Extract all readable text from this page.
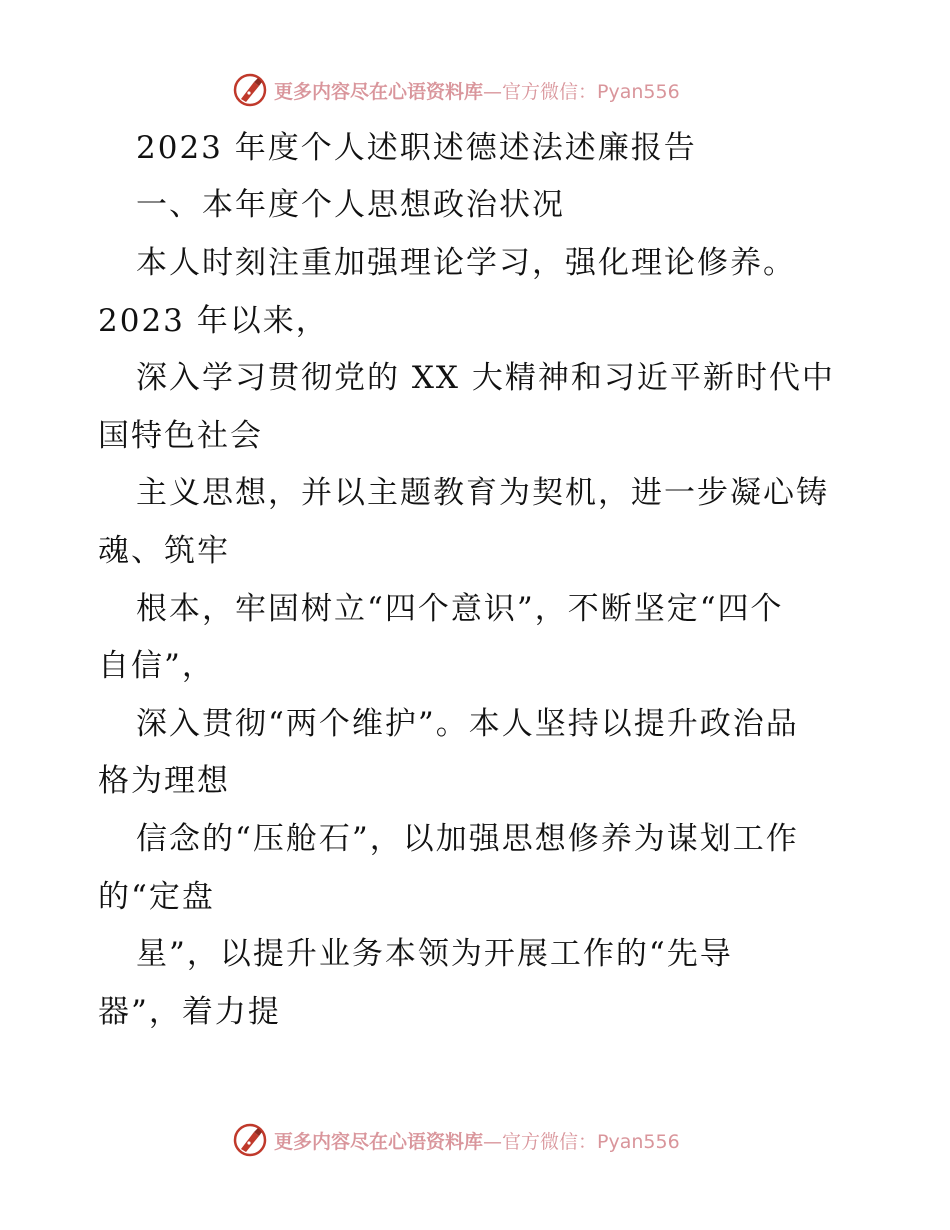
更多内容尽在心语资料库—官方微信：Pyan556
2023 年度个人述职述德述法述廉报告
一、本年度个人思想政治状况
本人时刻注重加强理论学习，强化理论修养。
2023 年以来，
深入学习贯彻党的 XX 大精神和习近平新时代中
国特色社会
主义思想，并以主题教育为契机，进一步凝心铸
魂、筑牢
根本，牢固树立“四个意识”，不断坚定“四个
自信”，
深入贯彻“两个维护”。本人坚持以提升政治品
格为理想
信念的“压舱石”，以加强思想修养为谋划工作
的“定盘
星”，以提升业务本领为开展工作的“先导
器”，着力提
更多内容尽在心语资料库—官方微信：Pyan556
